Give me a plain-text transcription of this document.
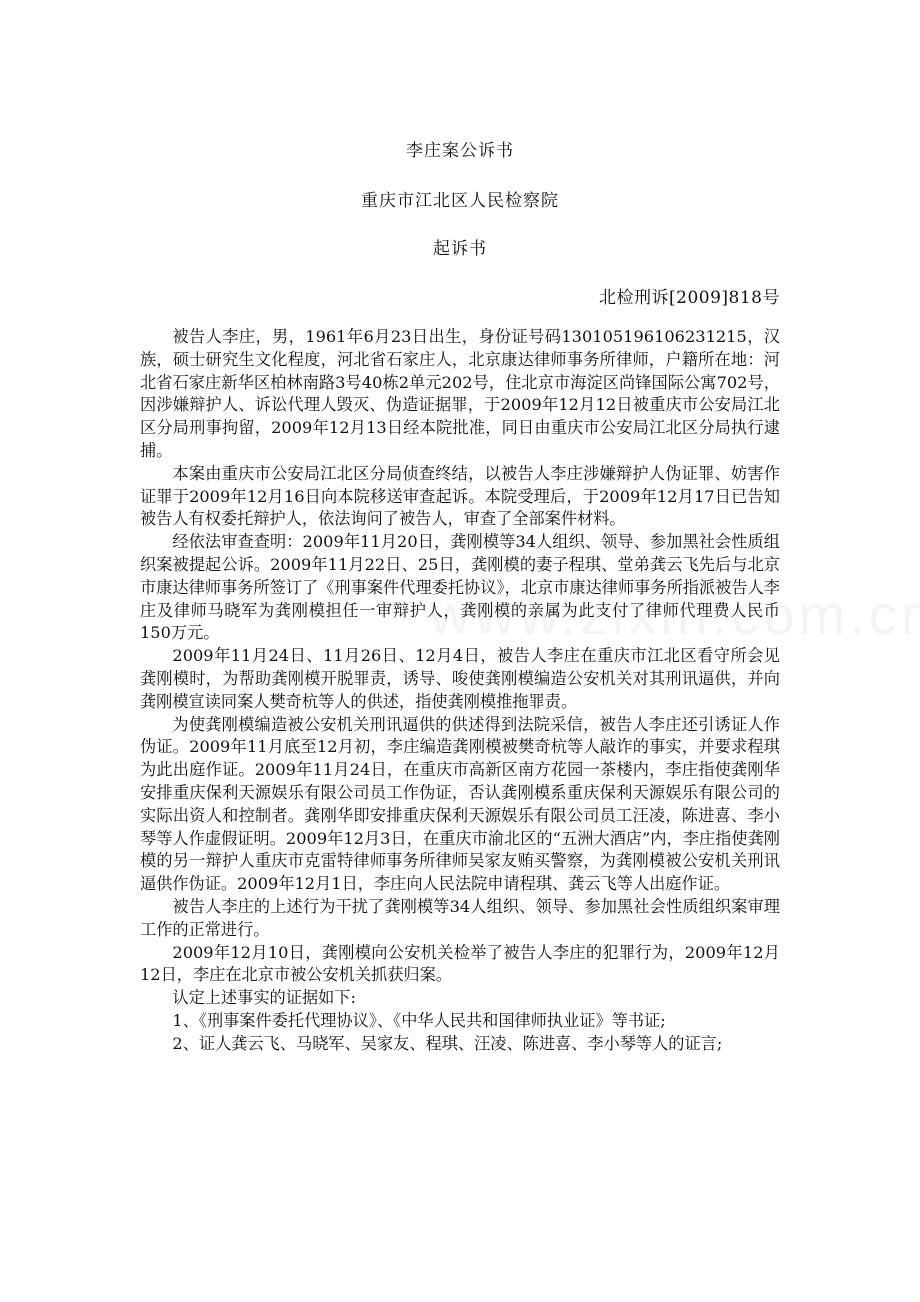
李庄案公诉书
重庆市江北区人民检察院
起诉书
北检刑诉[2009]818号

被告人李庄，男，1961年6月23日出生，身份证号码130105196106231215，汉族，硕士研究生文化程度，河北省石家庄人，北京康达律师事务所律师，户籍所在地：河北省石家庄新华区柏林南路3号40栋2单元202号，住北京市海淀区尚锋国际公寓702号，因涉嫌辩护人、诉讼代理人毁灭、伪造证据罪，于2009年12月12日被重庆市公安局江北区分局刑事拘留，2009年12月13日经本院批准，同日由重庆市公安局江北区分局执行逮捕。

本案由重庆市公安局江北区分局侦查终结，以被告人李庄涉嫌辩护人伪证罪、妨害作证罪于2009年12月16日向本院移送审查起诉。本院受理后，于2009年12月17日已告知被告人有权委托辩护人，依法询问了被告人，审查了全部案件材料。

经依法审查查明：2009年11月20日，龚刚模等34人组织、领导、参加黑社会性质组织案被提起公诉。2009年11月22日、25日，龚刚模的妻子程琪、堂弟龚云飞先后与北京市康达律师事务所签订了《刑事案件代理委托协议》，北京市康达律师事务所指派被告人李庄及律师马晓军为龚刚模担任一审辩护人，龚刚模的亲属为此支付了律师代理费人民币150万元。

2009年11月24日、11月26日、12月4日，被告人李庄在重庆市江北区看守所会见龚刚模时，为帮助龚刚模开脱罪责，诱导、唆使龚刚模编造公安机关对其刑讯逼供，并向龚刚模宣读同案人樊奇杭等人的供述，指使龚刚模推拖罪责。

为使龚刚模编造被公安机关刑讯逼供的供述得到法院采信，被告人李庄还引诱证人作伪证。2009年11月底至12月初，李庄编造龚刚模被樊奇杭等人敲诈的事实，并要求程琪为此出庭作证。2009年11月24日，在重庆市高新区南方花园一茶楼内，李庄指使龚刚华安排重庆保利天源娱乐有限公司员工作伪证，否认龚刚模系重庆保利天源娱乐有限公司的实际出资人和控制者。龚刚华即安排重庆保利天源娱乐有限公司员工汪凌，陈进喜、李小琴等人作虚假证明。2009年12月3日，在重庆市渝北区的“五洲大酒店”内，李庄指使龚刚模的另一辩护人重庆市克雷特律师事务所律师吴家友贿买警察，为龚刚模被公安机关刑讯逼供作伪证。2009年12月1日，李庄向人民法院申请程琪、龚云飞等人出庭作证。

被告人李庄的上述行为干扰了龚刚模等34人组织、领导、参加黑社会性质组织案审理工作的正常进行。

2009年12月10日，龚刚模向公安机关检举了被告人李庄的犯罪行为，2009年12月12日，李庄在北京市被公安机关抓获归案。

认定上述事实的证据如下:

1、《刑事案件委托代理协议》、《中华人民共和国律师执业证》等书证;

2、证人龚云飞、马晓军、吴家友、程琪、汪凌、陈进喜、李小琴等人的证言;
